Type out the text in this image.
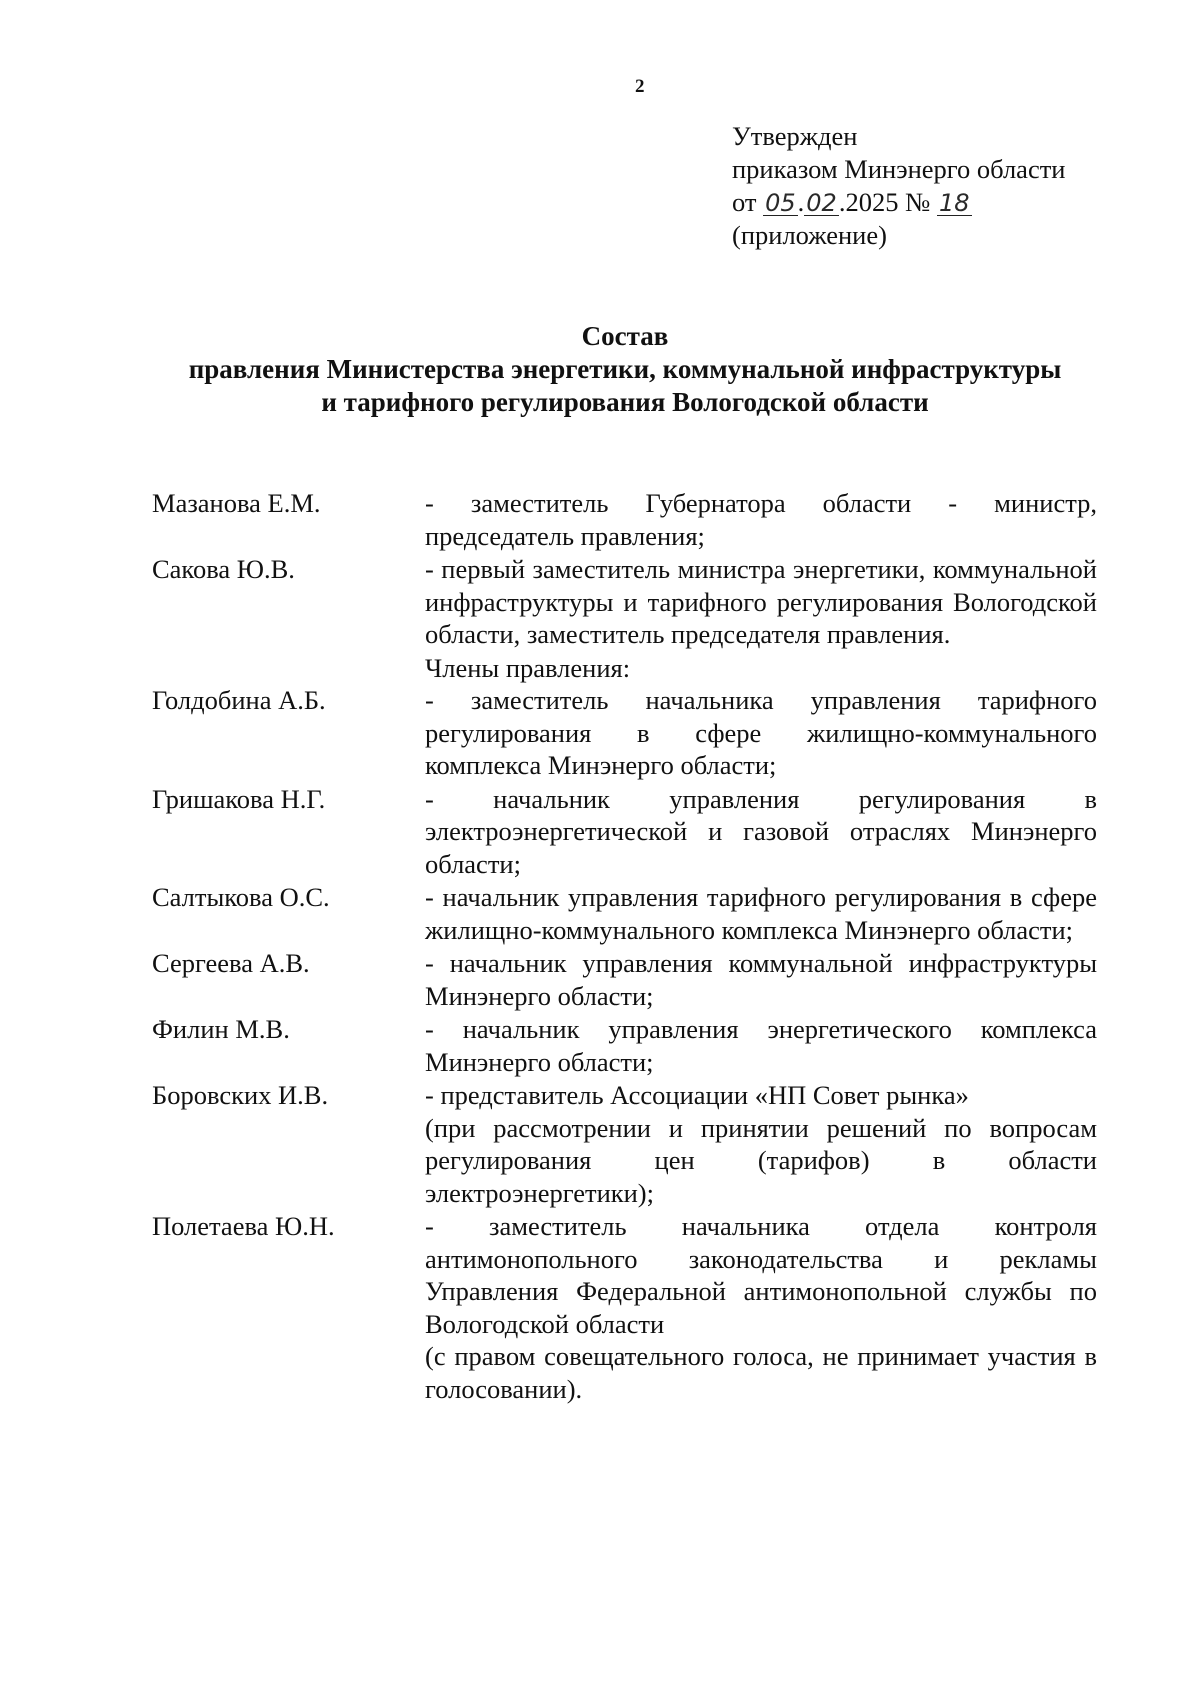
2
Утвержден
приказом Минэнерго области
от 05.02.2025 № 18
(приложение)
Состав
правления Министерства энергетики, коммунальной инфраструктуры
и тарифного регулирования Вологодской области
Мазанова Е.М.	- заместитель Губернатора области - министр, председатель правления;
Сакова Ю.В.	- первый заместитель министра энергетики, коммунальной инфраструктуры и тарифного регулирования Вологодской области, заместитель председателя правления.
Члены правления:
Голдобина А.Б.	- заместитель начальника управления тарифного регулирования в сфере жилищно-коммунального комплекса Минэнерго области;
Гришакова Н.Г.	- начальник управления регулирования в электроэнергетической и газовой отраслях Минэнерго области;
Салтыкова О.С.	- начальник управления тарифного регулирования в сфере жилищно-коммунального комплекса Минэнерго области;
Сергеева А.В.	- начальник управления коммунальной инфраструктуры Минэнерго области;
Филин М.В.	- начальник управления энергетического комплекса Минэнерго области;
Боровских И.В.	- представитель Ассоциации «НП Совет рынка»
(при рассмотрении и принятии решений по вопросам регулирования цен (тарифов) в области электроэнергетики);
Полетаева Ю.Н.	- заместитель начальника отдела контроля антимонопольного законодательства и рекламы Управления Федеральной антимонопольной службы по Вологодской области
(с правом совещательного голоса, не принимает участия в голосовании).
